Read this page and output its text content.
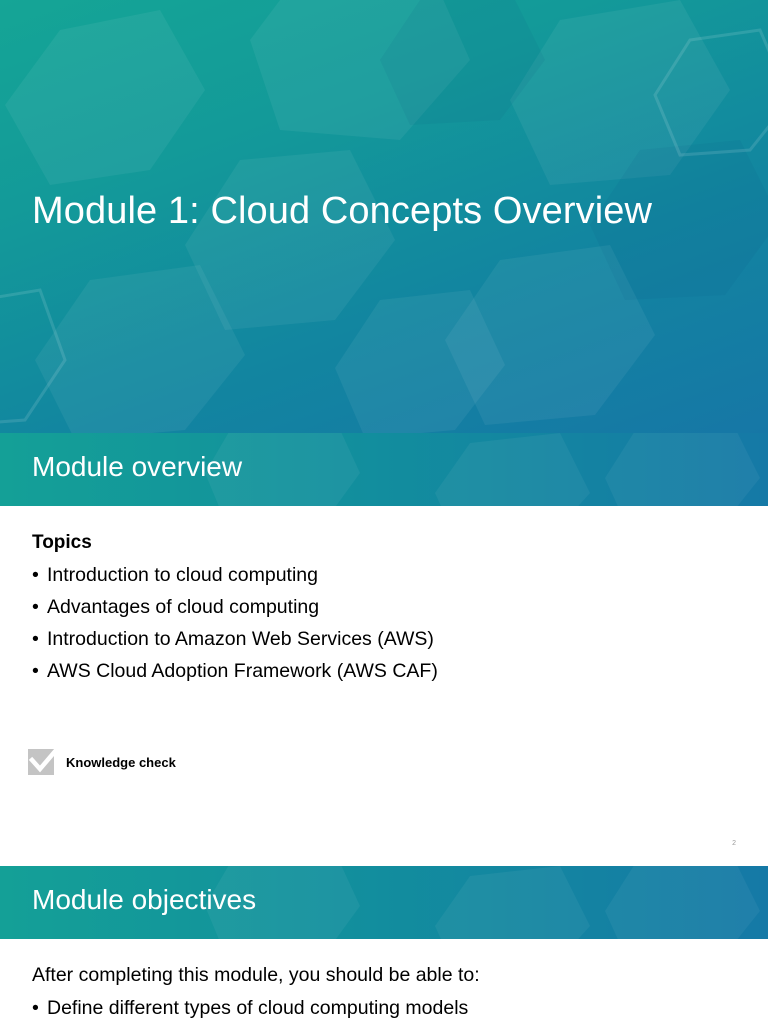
Module 1: Cloud Concepts Overview
Module overview
Topics
• Introduction to cloud computing
• Advantages of cloud computing
• Introduction to Amazon Web Services (AWS)
• AWS Cloud Adoption Framework (AWS CAF)
Knowledge check
2
Module objectives
After completing this module, you should be able to:
• Define different types of cloud computing models
